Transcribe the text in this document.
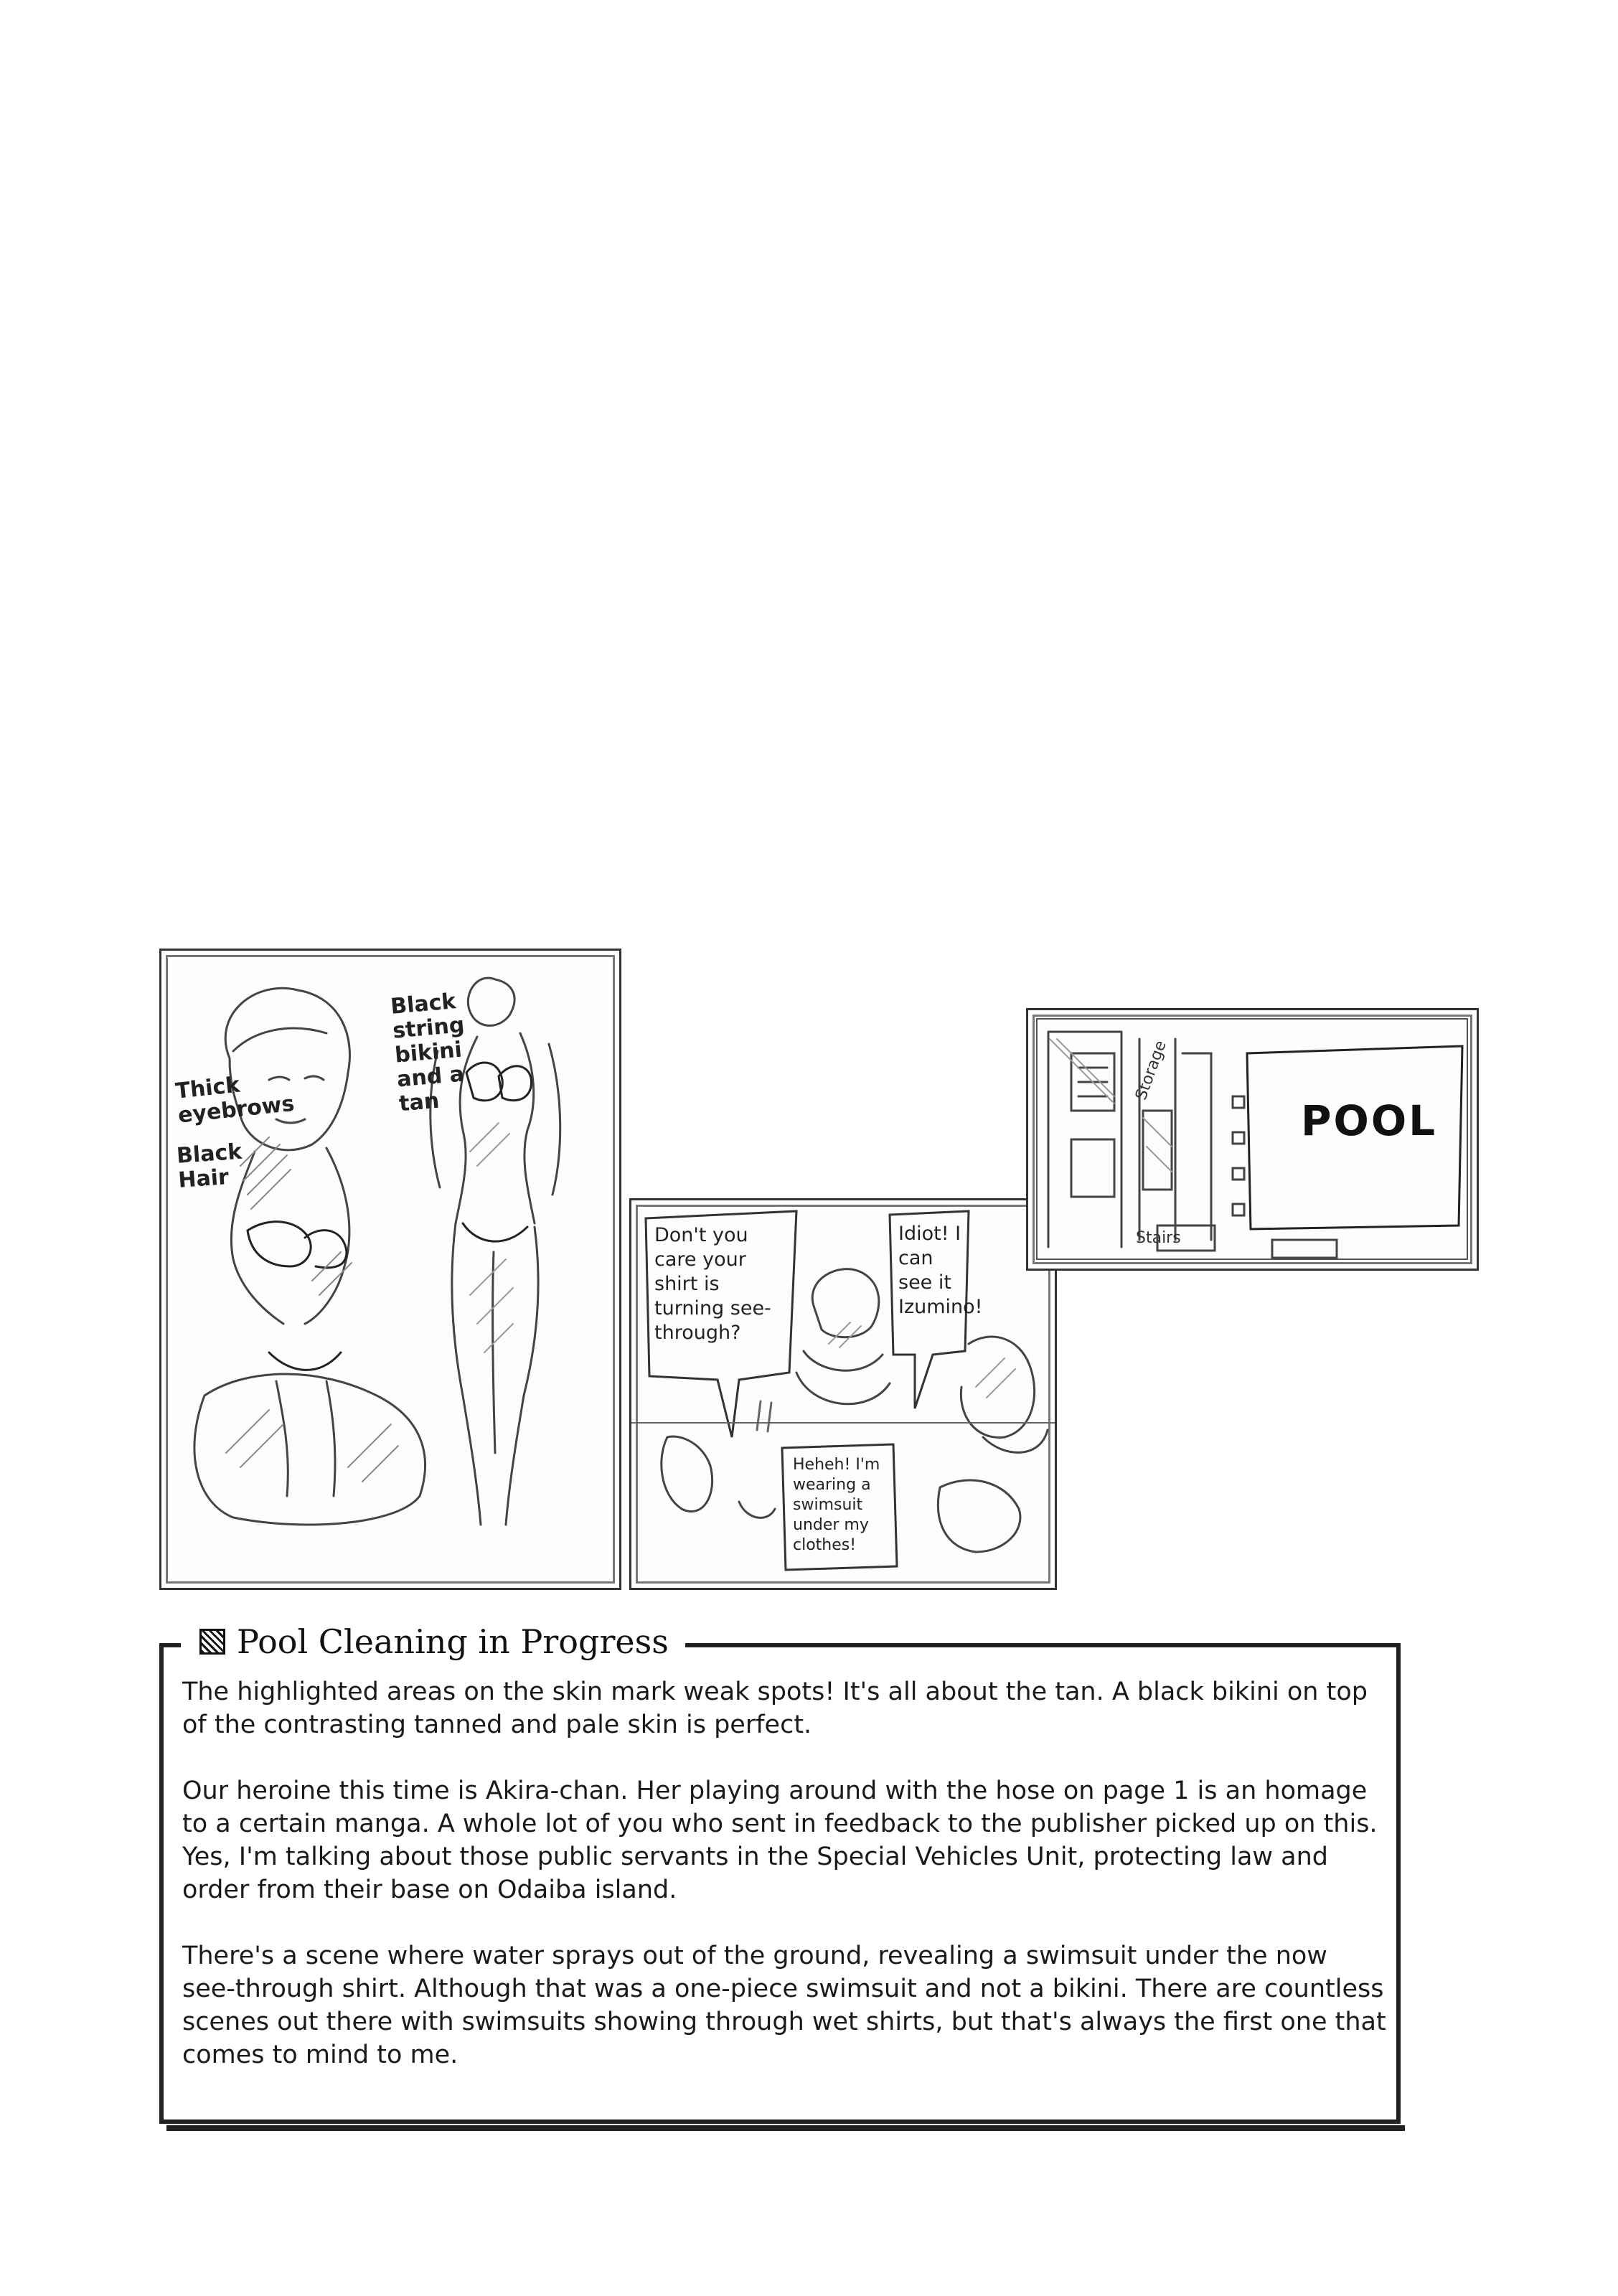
Thick eyebrows
Black Hair
Black string bikini and a tan
Don't you care your shirt is turning see-through?
Idiot! I can see it Izumino!
Heheh! I'm wearing a swimsuit under my clothes!
Storage
POOL
Stairs
Pool Cleaning in Progress

The highlighted areas on the skin mark weak spots! It's all about the tan. A black bikini on top of the contrasting tanned and pale skin is perfect.

Our heroine this time is Akira-chan. Her playing around with the hose on page 1 is an homage to a certain manga. A whole lot of you who sent in feedback to the publisher picked up on this. Yes, I'm talking about those public servants in the Special Vehicles Unit, protecting law and order from their base on Odaiba island.

There's a scene where water sprays out of the ground, revealing a swimsuit under the now see-through shirt. Although that was a one-piece swimsuit and not a bikini. There are countless scenes out there with swimsuits showing through wet shirts, but that's always the first one that comes to mind to me.
